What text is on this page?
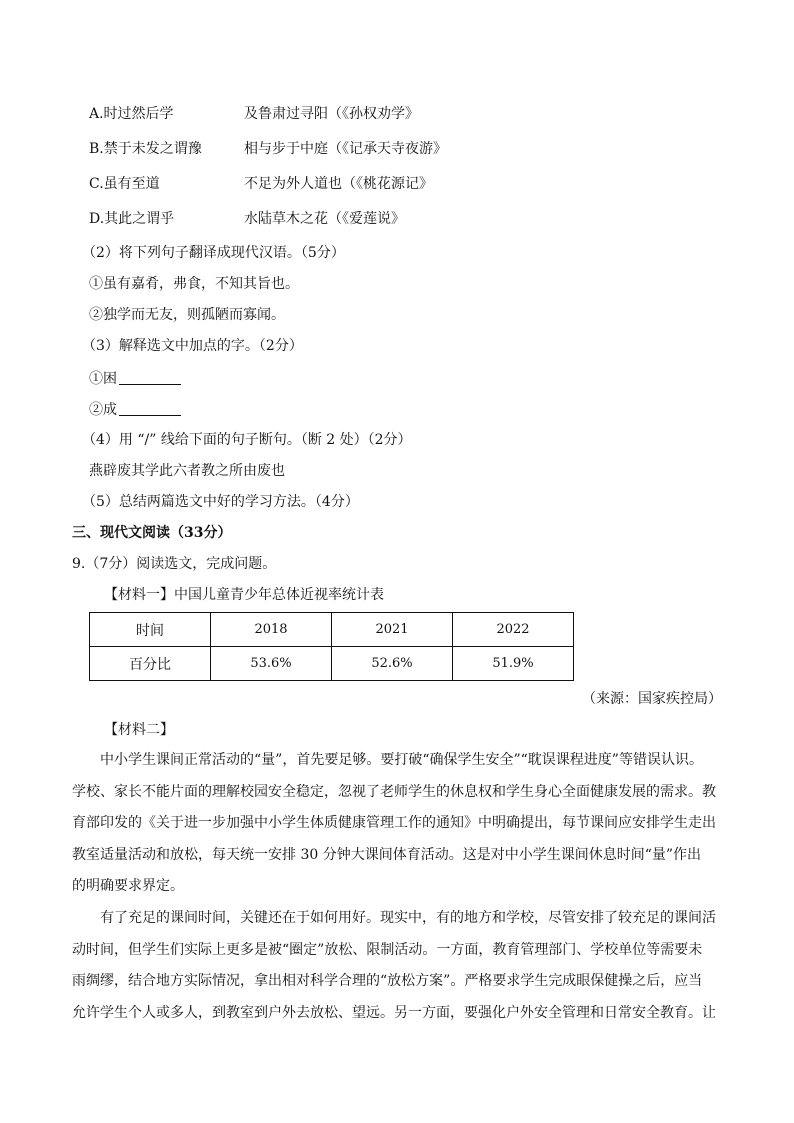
A.时过然后学	及鲁肃过寻阳（《孙权劝学》
B.禁于未发之谓豫	相与步于中庭（《记承天寺夜游》
C.虽有至道	不足为外人道也（《桃花源记》
D.其此之谓乎	水陆草木之花（《爱莲说》
（2）将下列句子翻译成现代汉语。（5分）
①虽有嘉肴，弗食，不知其旨也。
②独学而无友，则孤陋而寡闻。
（3）解释选文中加点的字。（2分）
①困
②成
（4）用 “/” 线给下面的句子断句。（断 2 处）（2分）
燕辟废其学此六者教之所由废也
（5）总结两篇选文中好的学习方法。（4分）
三、现代文阅读（33分）
9.（7分）阅读选文，完成问题。
【材料一】中国儿童青少年总体近视率统计表
时间	2018	2021	2022
百分比	53.6%	52.6%	51.9%
（来源：国家疾控局）
【材料二】
中小学生课间正常活动的“量”，首先要足够。要打破“确保学生安全”“耽误课程进度”等错误认识。
学校、家长不能片面的理解校园安全稳定，忽视了老师学生的休息权和学生身心全面健康发展的需求。教
育部印发的《关于进一步加强中小学生体质健康管理工作的通知》中明确提出，每节课间应安排学生走出
教室适量活动和放松，每天统一安排 30 分钟大课间体育活动。这是对中小学生课间休息时间“量”作出
的明确要求界定。
有了充足的课间时间，关键还在于如何用好。现实中，有的地方和学校，尽管安排了较充足的课间活
动时间，但学生们实际上更多是被“圈定”放松、限制活动。一方面，教育管理部门、学校单位等需要未
雨绸缪，结合地方实际情况，拿出相对科学合理的“放松方案”。严格要求学生完成眼保健操之后，应当
允许学生个人或多人，到教室到户外去放松、望远。另一方面，要强化户外安全管理和日常安全教育。让
